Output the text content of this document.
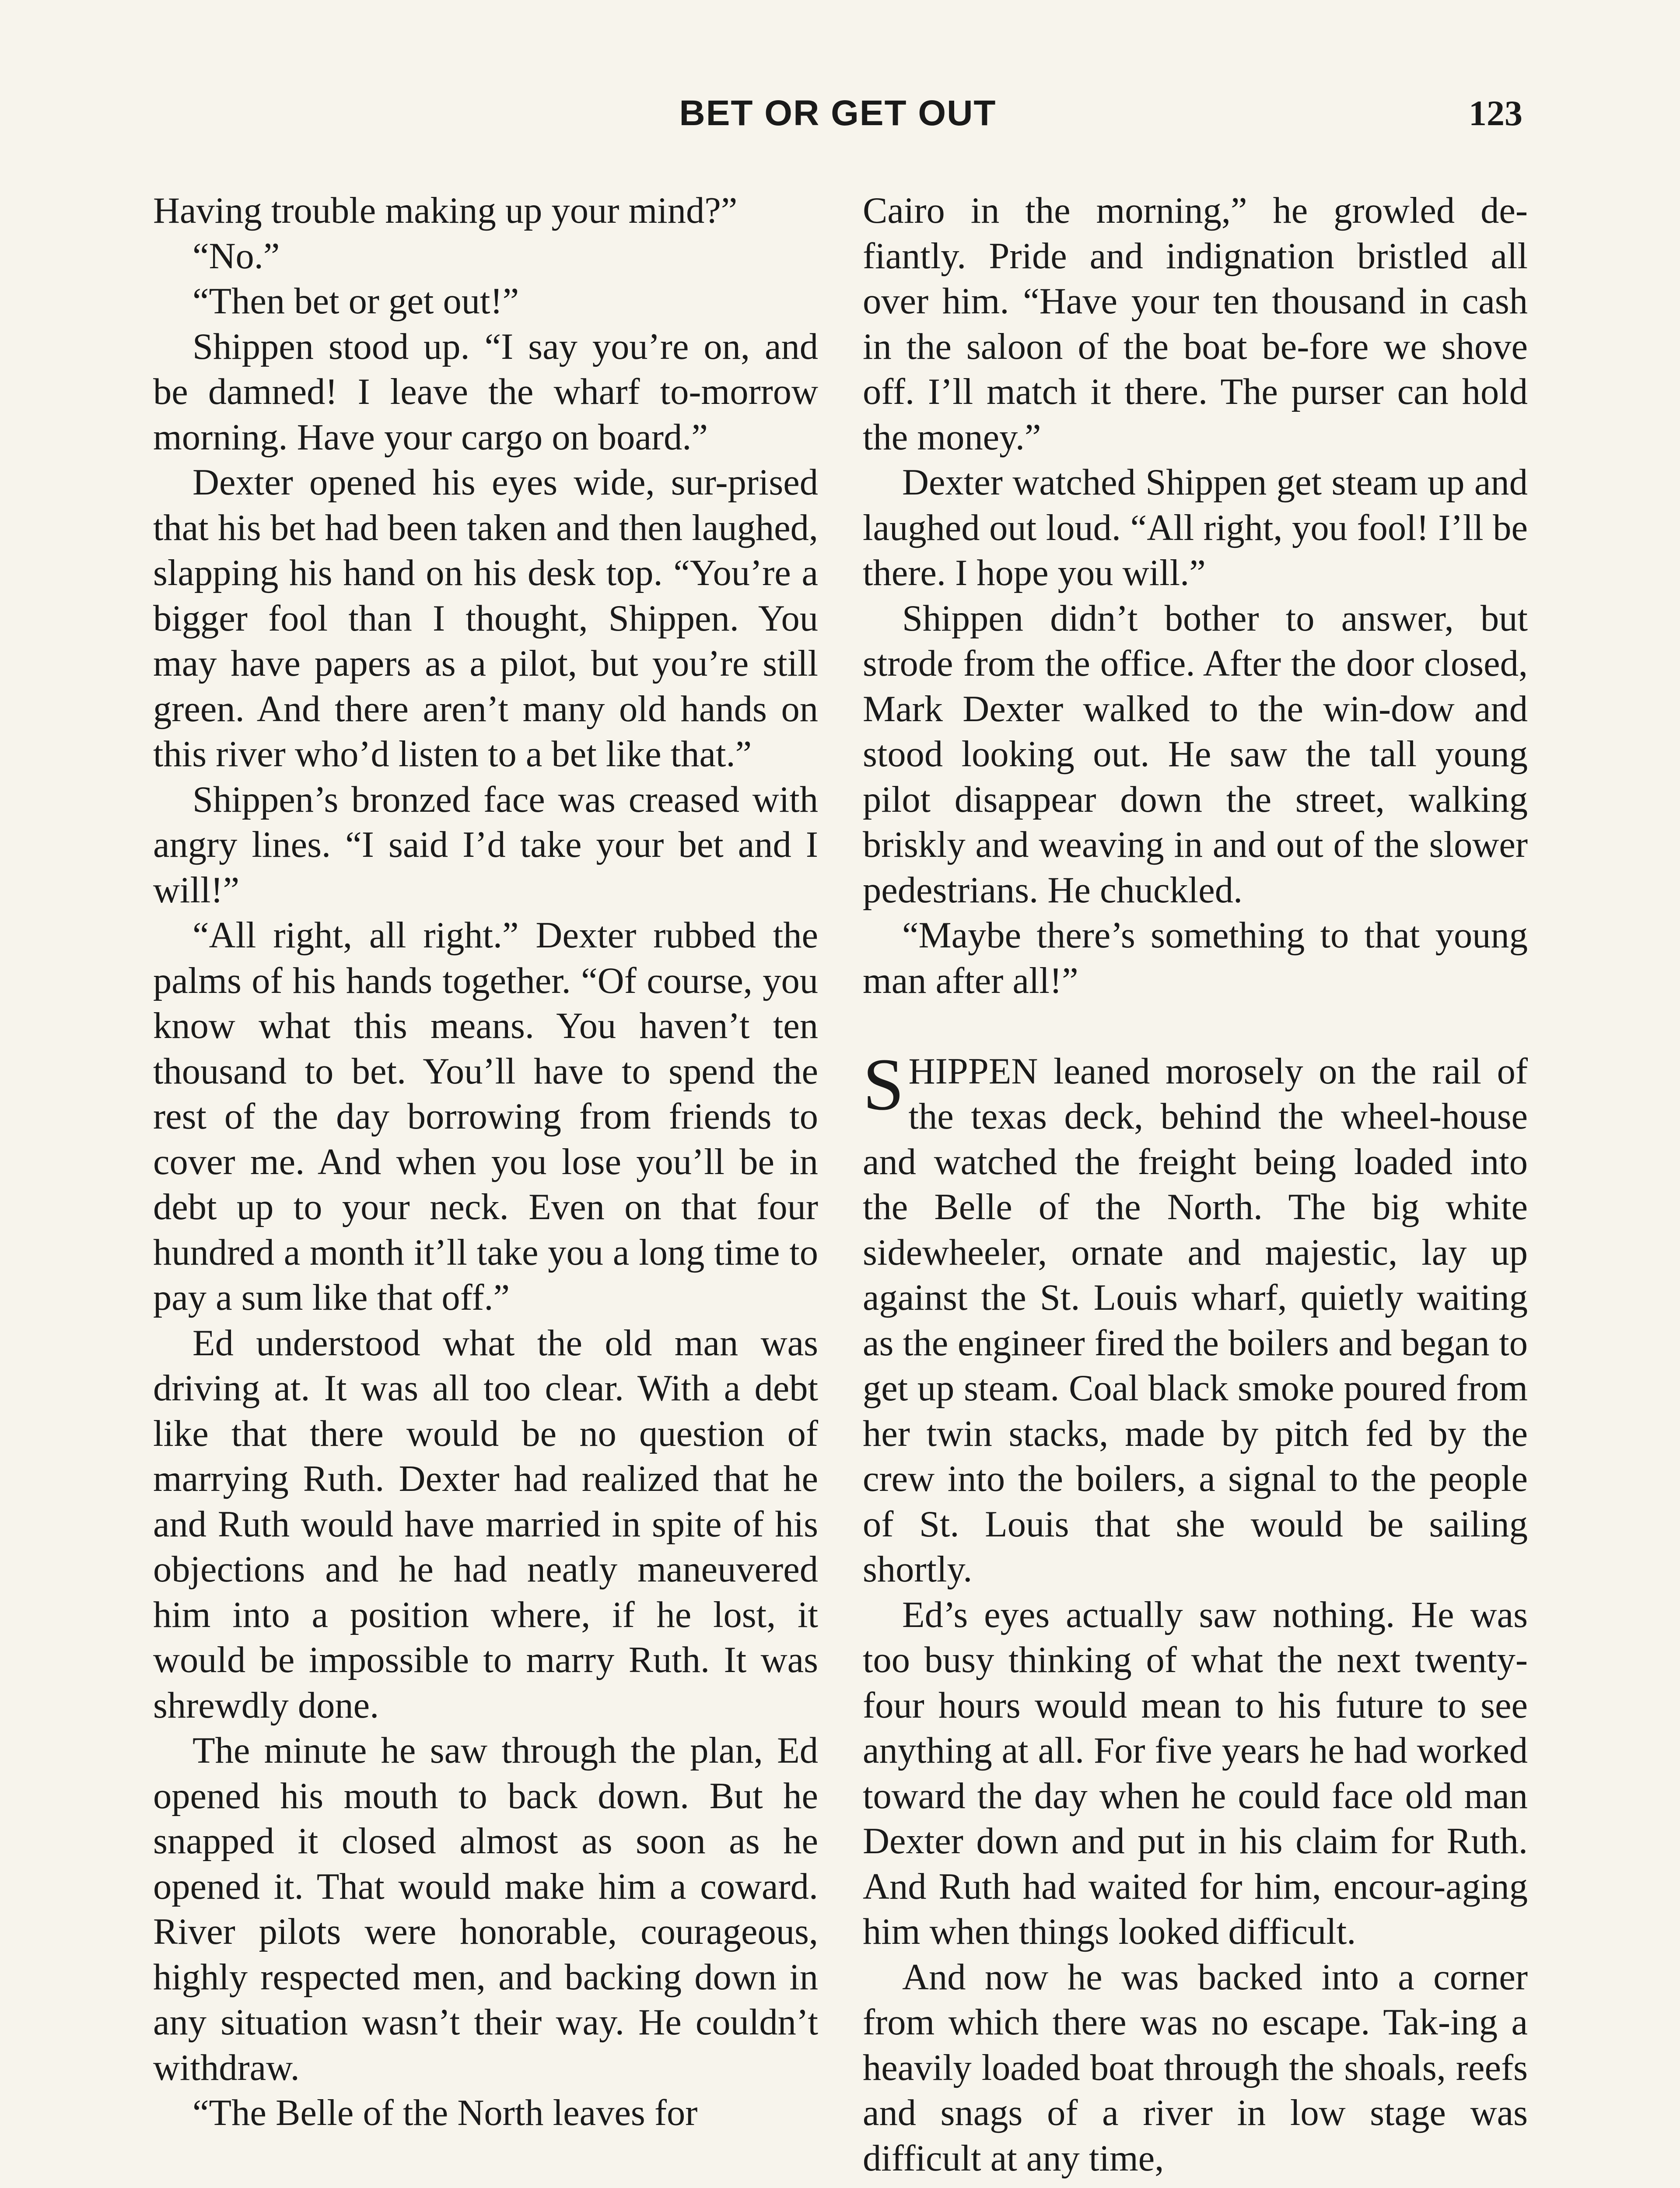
BET OR GET OUT	123

Having trouble making up your mind?”

“No.”

“Then bet or get out!”

Shippen stood up. “I say you’re on, and be damned! I leave the wharf to-morrow morning. Have your cargo on board.”

Dexter opened his eyes wide, sur-prised that his bet had been taken and then laughed, slapping his hand on his desk top. “You’re a bigger fool than I thought, Shippen. You may have papers as a pilot, but you’re still green. And there aren’t many old hands on this river who’d listen to a bet like that.”

Shippen’s bronzed face was creased with angry lines. “I said I’d take your bet and I will!”

“All right, all right.” Dexter rubbed the palms of his hands together. “Of course, you know what this means. You haven’t ten thousand to bet. You’ll have to spend the rest of the day borrowing from friends to cover me. And when you lose you’ll be in debt up to your neck. Even on that four hundred a month it’ll take you a long time to pay a sum like that off.”

Ed understood what the old man was driving at. It was all too clear. With a debt like that there would be no question of marrying Ruth. Dexter had realized that he and Ruth would have married in spite of his objections and he had neatly maneuvered him into a position where, if he lost, it would be impossible to marry Ruth. It was shrewdly done.

The minute he saw through the plan, Ed opened his mouth to back down. But he snapped it closed almost as soon as he opened it. That would make him a coward. River pilots were honorable, courageous, highly respected men, and backing down in any situation wasn’t their way. He couldn’t withdraw.

“The Belle of the North leaves for

Cairo in the morning,” he growled de-fiantly. Pride and indignation bristled all over him. “Have your ten thousand in cash in the saloon of the boat be-fore we shove off. I’ll match it there. The purser can hold the money.”

Dexter watched Shippen get steam up and laughed out loud. “All right, you fool! I’ll be there. I hope you will.”

Shippen didn’t bother to answer, but strode from the office. After the door closed, Mark Dexter walked to the win-dow and stood looking out. He saw the tall young pilot disappear down the street, walking briskly and weaving in and out of the slower pedestrians. He chuckled.

“Maybe there’s something to that young man after all!”

SHIPPEN leaned morosely on the rail of the texas deck, behind the wheel-house and watched the freight being loaded into the Belle of the North. The big white sidewheeler, ornate and majestic, lay up against the St. Louis wharf, quietly waiting as the engineer fired the boilers and began to get up steam. Coal black smoke poured from her twin stacks, made by pitch fed by the crew into the boilers, a signal to the people of St. Louis that she would be sailing shortly.

Ed’s eyes actually saw nothing. He was too busy thinking of what the next twenty-four hours would mean to his future to see anything at all. For five years he had worked toward the day when he could face old man Dexter down and put in his claim for Ruth. And Ruth had waited for him, encour-aging him when things looked difficult.

And now he was backed into a corner from which there was no escape. Tak-ing a heavily loaded boat through the shoals, reefs and snags of a river in low stage was difficult at any time,
